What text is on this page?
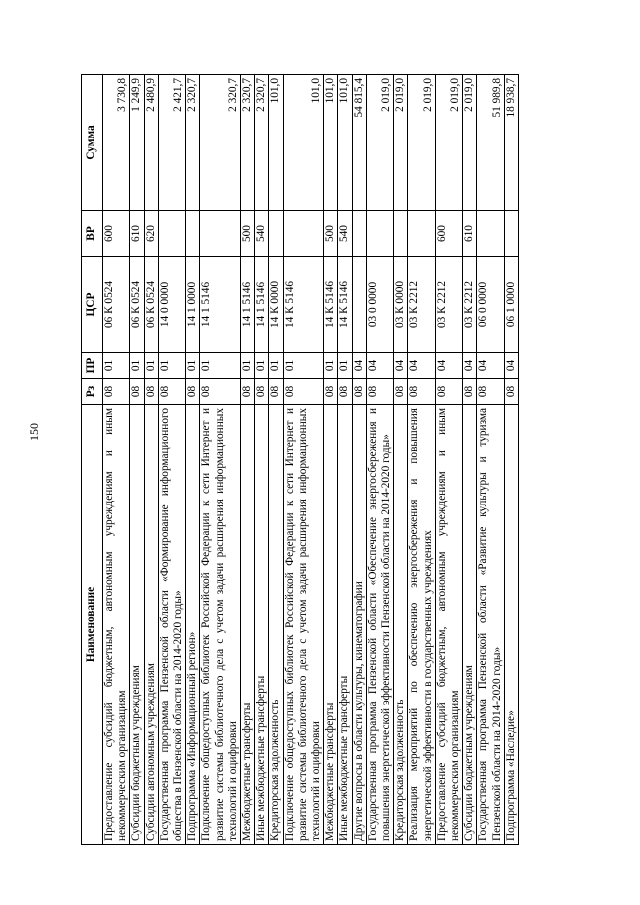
150
Наименование	Рз	ПР	ЦСР	ВР	Сумма
Предоставление субсидий бюджетным, автономным учреждениям и иным некоммерческим организациям	08	01	06 К 0524	600	3 730,8
Субсидии бюджетным учреждениям	08	01	06 К 0524	610	1 249,9
Субсидии автономным учреждениям	08	01	06 К 0524	620	2 480,9
Государственная программа Пензенской области «Формирование информационного общества в Пензенской области на 2014-2020 годы»	08	01	14 0 0000		2 421,7
Подпрограмма «Информационный регион»	08	01	14 1 0000		2 320,7
Подключение общедоступных библиотек Российской Федерации к сети Интернет и развитие системы библиотечного дела с учетом задачи расширения информационных технологий и оцифровки	08	01	14 1 5146		2 320,7
Межбюджетные трансферты	08	01	14 1 5146	500	2 320,7
Иные межбюджетные трансферты	08	01	14 1 5146	540	2 320,7
Кредиторская задолженность	08	01	14 К 0000		101,0
Подключение общедоступных библиотек Российской Федерации к сети Интернет и развитие системы библиотечного дела с учетом задачи расширения информационных технологий и оцифровки	08	01	14 К 5146		101,0
Межбюджетные трансферты	08	01	14 К 5146	500	101,0
Иные межбюджетные трансферты	08	01	14 К 5146	540	101,0
Другие вопросы в области культуры, кинематографии	08	04			54 815,4
Государственная программа Пензенской области «Обеспечение энергосбережения и повышения энергетической эффективности Пензенской области на 2014-2020 годы»	08	04	03 0 0000		2 019,0
Кредиторская задолженность	08	04	03 К 0000		2 019,0
Реализация мероприятий по обеспечению энергосбережения и повышения энергетической эффективности в государственных учреждениях	08	04	03 К 2212		2 019,0
Предоставление субсидий бюджетным, автономным учреждениям и иным некоммерческим организациям	08	04	03 К 2212	600	2 019,0
Субсидии бюджетным учреждениям	08	04	03 К 2212	610	2 019,0
Государственная программа Пензенской области «Развитие культуры и туризма Пензенской области на 2014-2020 годы»	08	04	06 0 0000		51 989,8
Подпрограмма «Наследие»	08	04	06 1 0000		18 938,7
